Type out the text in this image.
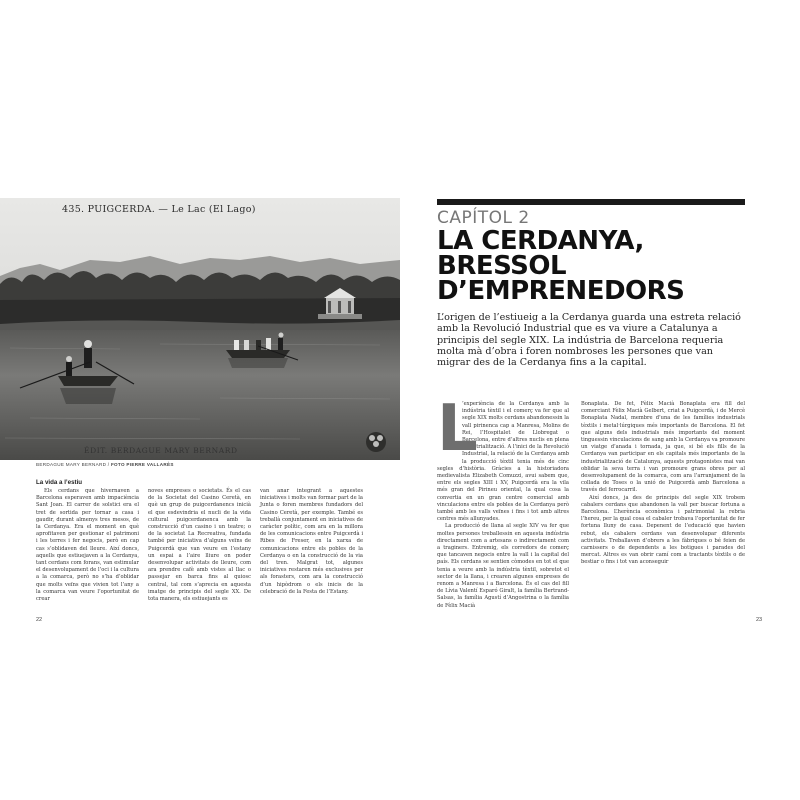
435. PUIGCERDA. — Le Lac (El Lago)
ÉDIT. BERDAGUE MARY BERNARD
BERDAGUE MARY BERNARD / FOTO PIERRE VALLARÈS
La vida a l’estiu

Els cerdans que hivernaven a Barcelona esperaven amb impaciència Sant Joan. El carrer de solstici era el tret de sortida per tornar a casa i gaudir, durant almenys tres mesos, de la Cerdanya. Era el moment en què aprofitaven per gestionar el patrimoni i les terres i fer negocis, però en cap cas s’oblidaven del lleure. Així doncs, aquells que estiuejaven a la Cerdanya, tant cerdans com forans, van estimular el desenvolupament de l’oci i la cultura a la comarca, però no s’ha d’oblidar que molts veïns que vivien tot l’any a la comarca van veure l’oportunitat de crear

noves empreses o societats. És el cas de la Societat del Casino Ceretà, en què un grup de puigcerdanencs inicià el que esdevindria el nucli de la vida cultural puigcerdanenca amb la construcció d’un casino i un teatre; o de la societat La Recreativa, fundada també per iniciativa d’alguns veïns de Puigcerdà que van veure en l’estany un espai a l’aire lliure on poder desenvolupar activitats de lleure, com ara prendre cafè amb vistes al llac o passejar en barca fins al quiosc central, tal com s’aprecia en aquesta imatge de principis del segle XX. De tota manera, els estiuejants es

van anar integrant a aquestes iniciatives i molts van formar part de la Junta o foren membres fundadors del Casino Ceretà, per exemple. També es treballà conjuntament en iniciatives de caràcter polític, com ara en la millora de les comunicacions entre Puigcerdà i Ribes de Freser, en la xarxa de comunicacions entre els pobles de la Cerdanya o en la construcció de la via del tren. Malgrat tot, algunes iniciatives restaren més exclusives per als forasters, com ara la construcció d’un hipòdrom o els inicis de la celebració de la Festa de l’Estany.

22
CAPÍTOL 2
LA CERDANYA,
BRESSOL
D’EMPRENEDORS
L’origen de l’estiueig a la Cerdanya guarda una estreta relació amb la Revolució Industrial que es va viure a Catalunya a principis del segle XIX. La indústria de Barcelona requeria molta mà d’obra i foren nombroses les persones que van migrar des de la Cerdanya fins a la capital.

’experiència de la Cerdanya amb la indústria tèxtil i el comerç va fer que al segle XIX molts cerdans abandonessin la vall pirinenca cap a Manresa, Molins de Rei, l’Hospitalet de Llobregat o Barcelona, entre d’altres nuclis en plena industrialització. A l’inici de la Revolució Industrial, la relació de la Cerdanya amb la producció tèxtil tenia més de cinc segles d’història. Gràcies a la historiadora medievalista Elizabeth Comuzzi, avui sabem que, entre els segles XIII i XV, Puigcerdà era la vila més gran del Pirineu oriental, la qual cosa la convertia en un gran centre comercial amb vinculacions entre els pobles de la Cerdanya però també amb les valls veïnes i fins i tot amb altres centres més allunyades.

La producció de llana al segle XIV va fer que moltes persones treballessin en aquesta indústria directament com a artesans o indirectament com a traginers. Entremig, els corredors de comerç que tancaven negocis entre la vall i la capital del país. Els cerdans se sentien còmodes en tot el que tenia a veure amb la indústria tèxtil, sobretot el sector de la llana, i crearen algunes empreses de renom a Manresa i a Barcelona. És el cas del fill de Lívia Valentí Esparó Giralt, la família Bertrand-Salsas, la família Agustí d’Angostrina o la família de Fèlix Macià

L	Bonaplata. De fet, Fèlix Macià Bonaplata era fill del comerciant Fèlix Macià Gelbert, criat a Puigcerdà, i de Mercè Bonaplata Nadal, membre d’una de les famílies industrials tèxtils i metal·lúrgiques més importants de Barcelona. El fet que alguns dels industrials més importants del moment tinguessin vinculacions de sang amb la Cerdanya va promoure un viatge d’anada i tornada, ja que, si bé els fills de la Cerdanya van participar en els capitals més importants de la industrialització de Catalunya, aquests protagonistes mai van oblidar la seva terra i van promoure grans obres per al desenvolupament de la comarca, com ara l’arranjament de la collada de Toses o la unió de Puigcerdà amb Barcelona a través del ferrocarril.

Així doncs, ja des de principis del segle XIX trobem cabalers cerdans que abandonen la vall per buscar fortuna a Barcelona. L’herència econòmica i patrimonial la rebria l’hereu, per la qual cosa el cabaler trobava l’oportunitat de fer fortuna lluny de casa. Depenent de l’educació que havien rebut, els cabalers cerdans van desenvolupar diferents activitats. Treballaven d’obrers a les fàbriques o bé feien de carnissers o de dependents a les botigues i parades del mercat. Altres es van obrir camí com a tractants tèxtils o de bestiar o fins i tot van aconseguir

23
